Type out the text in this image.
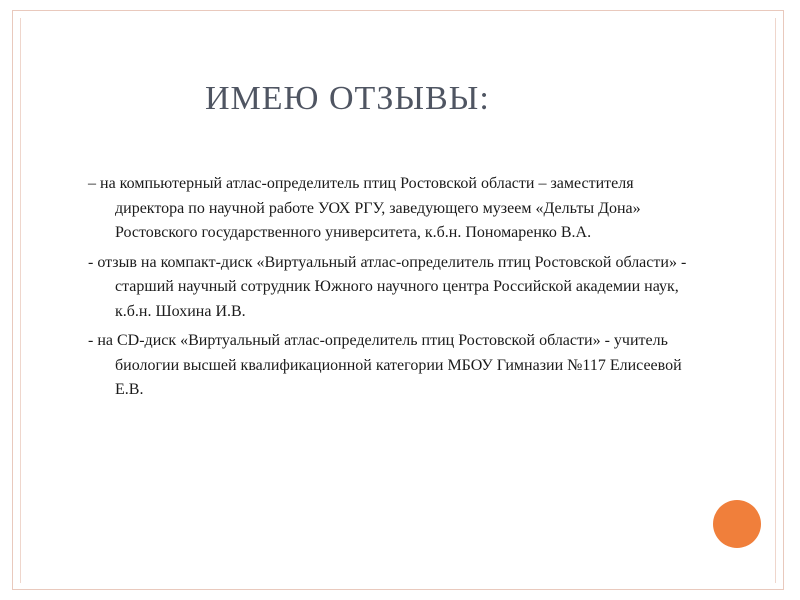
ИМЕЮ ОТЗЫВЫ:

– на компьютерный атлас-определитель птиц Ростовской области – заместителя директора по научной работе УОХ РГУ, заведующего музеем «Дельты Дона» Ростовского государственного университета, к.б.н. Пономаренко В.А.

- отзыв на компакт-диск «Виртуальный атлас-определитель птиц Ростовской области» - старший научный сотрудник Южного научного центра Российской академии наук, к.б.н. Шохина И.В.

- на CD-диск «Виртуальный атлас-определитель птиц Ростовской области» - учитель биологии высшей квалификационной категории МБОУ Гимназии №117 Елисеевой Е.В.
